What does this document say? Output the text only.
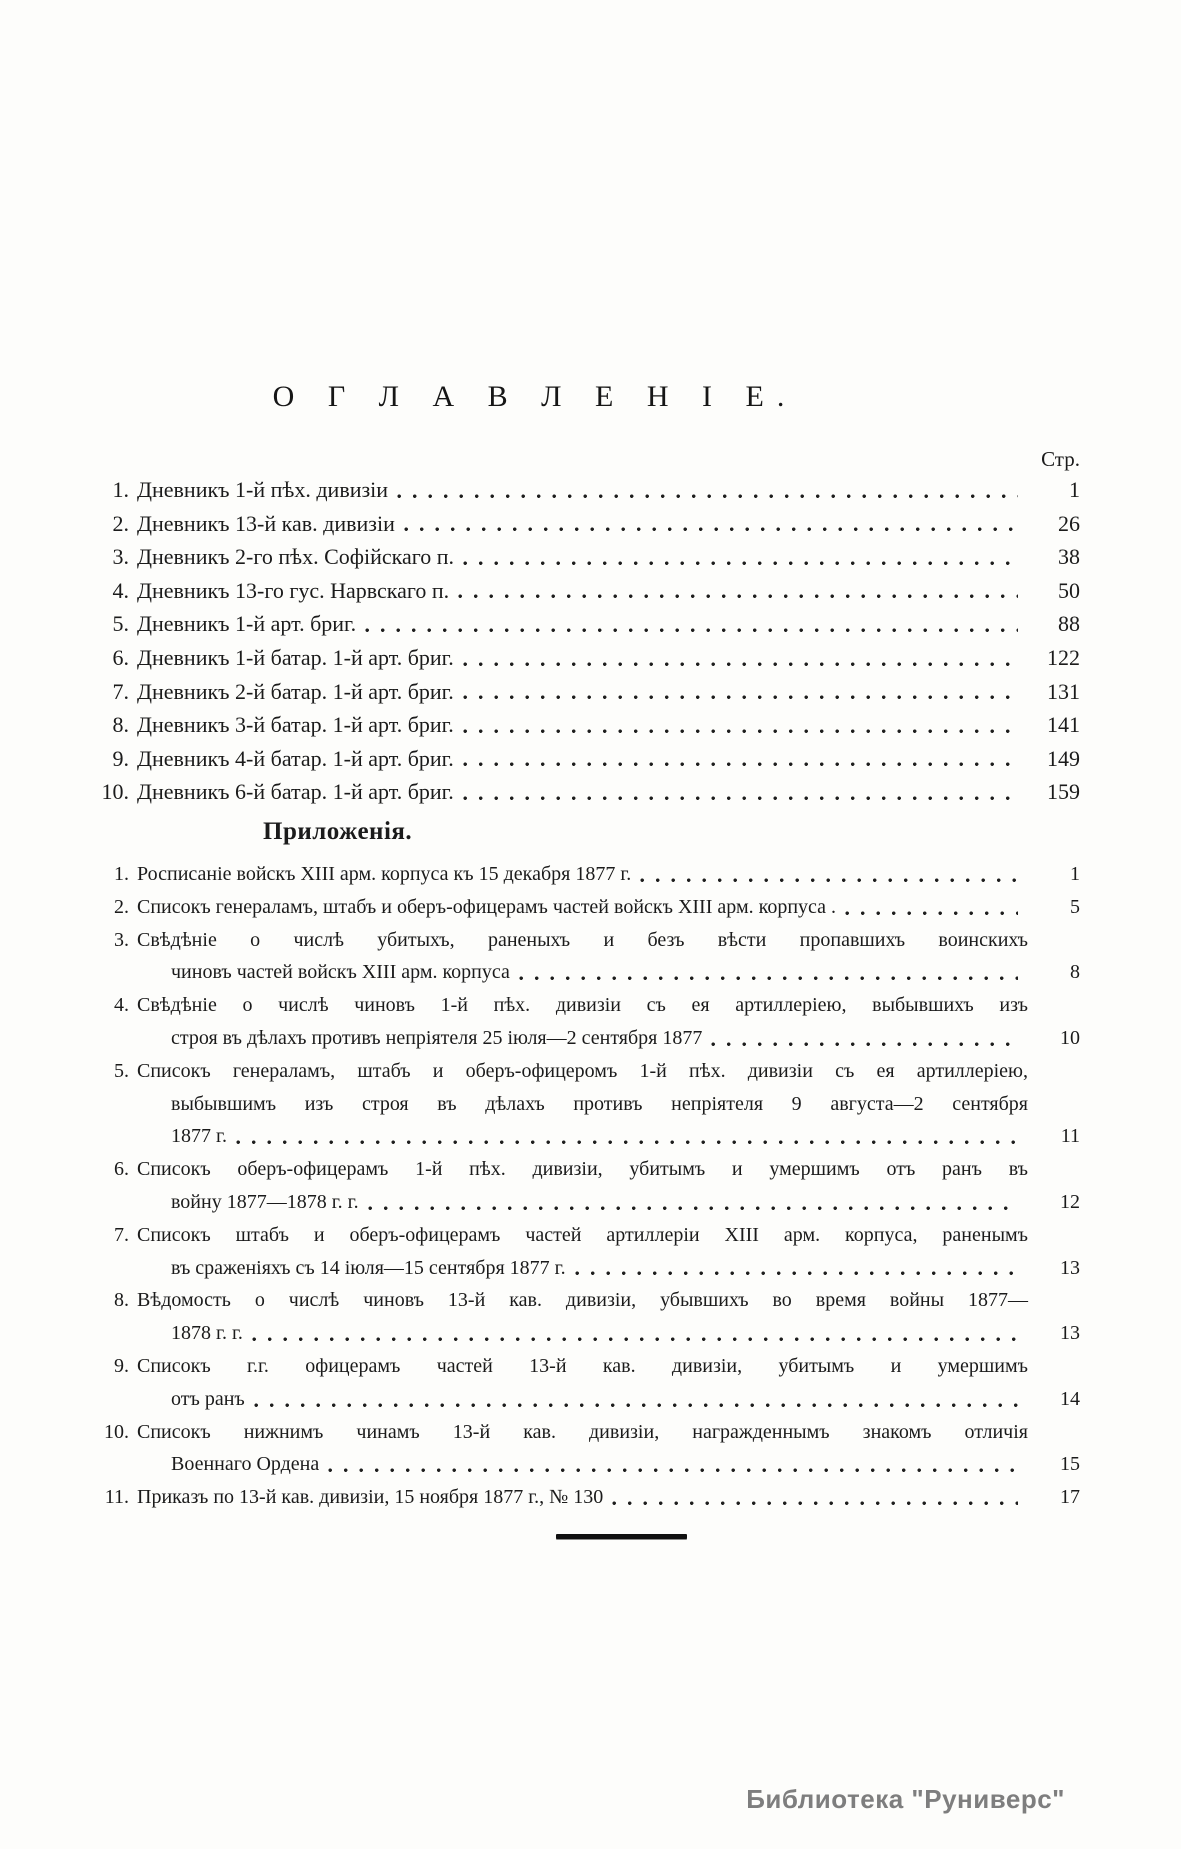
О Г Л А В Л Е Н І Е.
Стр.
1. Дневникъ 1-й пѣх. дивизіи	1
2. Дневникъ 13-й кав. дивизіи	26
3. Дневникъ 2-го пѣх. Софійскаго п.	38
4. Дневникъ 13-го гус. Нарвскаго п.	50
5. Дневникъ 1-й арт. бриг.	88
6. Дневникъ 1-й батар. 1-й арт. бриг.	122
7. Дневникъ 2-й батар. 1-й арт. бриг.	131
8. Дневникъ 3-й батар. 1-й арт. бриг.	141
9. Дневникъ 4-й батар. 1-й арт. бриг.	149
10. Дневникъ 6-й батар. 1-й арт. бриг.	159
Приложенія.
1. Росписаніе войскъ XIII арм. корпуса къ 15 декабря 1877 г.	1
2. Списокъ генераламъ, штабъ и оберъ-офицерамъ частей войскъ XIII арм. корпуса .	5
3. Свѣдѣніе о числѣ убитыхъ, раненыхъ и безъ вѣсти пропавшихъ воинскихъ
чиновъ частей войскъ XIII арм. корпуса	8
4. Свѣдѣніе о числѣ чиновъ 1-й пѣх. дивизіи съ ея артиллеріею, выбывшихъ изъ
строя въ дѣлахъ противъ непріятеля 25 іюля—2 сентября 1877	10
5. Списокъ генераламъ, штабъ и оберъ-офицеромъ 1-й пѣх. дивизіи съ ея артиллеріею,
выбывшимъ изъ строя въ дѣлахъ противъ непріятеля 9 августа—2 сентября
1877 г.	11
6. Списокъ оберъ-офицерамъ 1-й пѣх. дивизіи, убитымъ и умершимъ отъ ранъ въ
войну 1877—1878 г. г.	12
7. Списокъ штабъ и оберъ-офицерамъ частей артиллеріи XIII арм. корпуса, раненымъ
въ сраженіяхъ съ 14 іюля—15 сентября 1877 г.	13
8. Вѣдомость о числѣ чиновъ 13-й кав. дивизіи, убывшихъ во время войны 1877—
1878 г. г.	13
9. Списокъ г.г. офицерамъ частей 13-й кав. дивизіи, убитымъ и умершимъ
отъ ранъ	14
10. Списокъ нижнимъ чинамъ 13-й кав. дивизіи, награжденнымъ знакомъ отличія
Военнаго Ордена	15
11. Приказъ по 13-й кав. дивизіи, 15 ноября 1877 г., № 130	17
Библиотека "Руниверс"
